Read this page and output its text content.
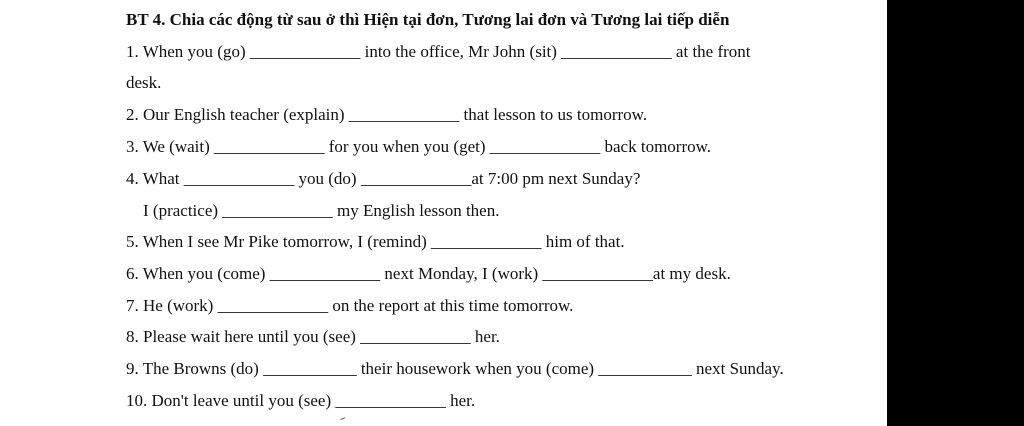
BT 4. Chia các động từ sau ở thì Hiện tại đơn, Tương lai đơn và Tương lai tiếp diễn
1. When you (go) _____________ into the office, Mr John (sit) _____________ at the front
desk.
2. Our English teacher (explain) _____________ that lesson to us tomorrow.
3. We (wait) _____________ for you when you (get) _____________ back tomorrow.
4. What _____________ you (do) _____________at 7:00 pm next Sunday?
I (practice) _____________ my English lesson then.
5. When I see Mr Pike tomorrow, I (remind) _____________ him of that.
6. When you (come) _____________ next Monday, I (work) _____________at my desk.
7. He (work) _____________ on the report at this time tomorrow.
8. Please wait here until you (see) _____________ her.
9. The Browns (do) ___________ their housework when you (come) ___________ next Sunday.
10. Don't leave until you (see) _____________ her.
